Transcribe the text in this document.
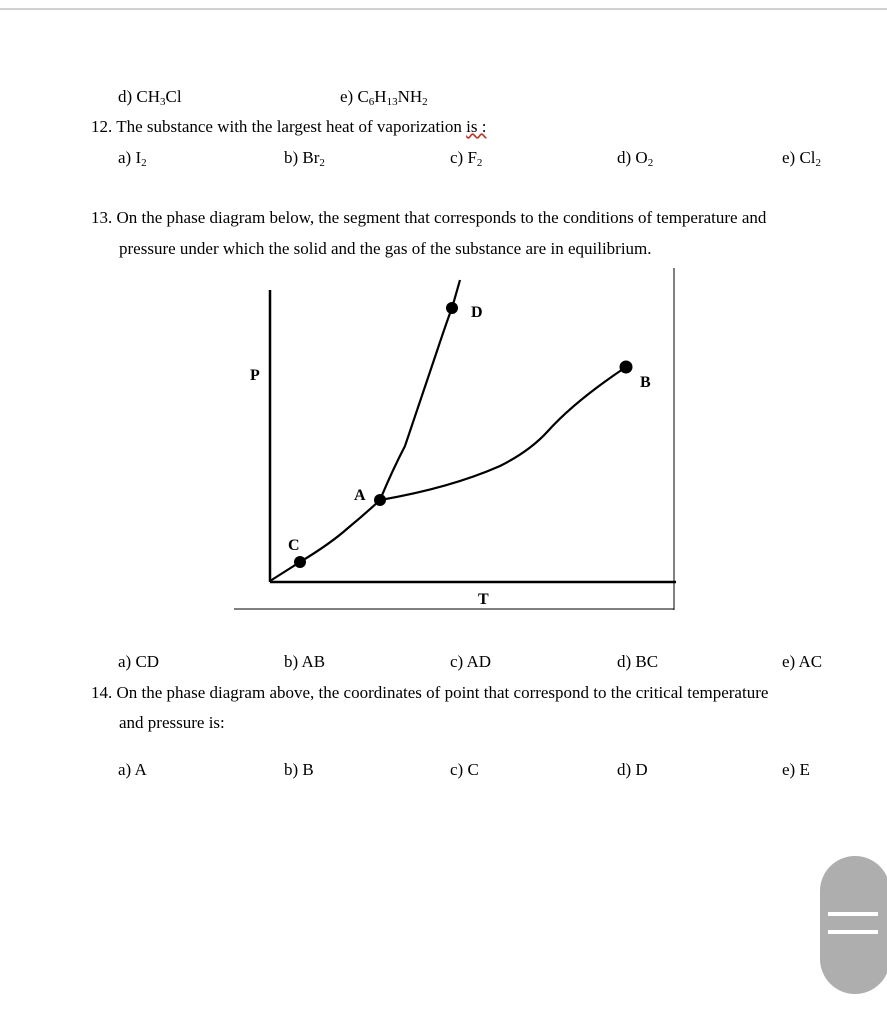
d) $CH_3Cl$	e) $C_6H_{13}NH_2$
12. The substance with the largest heat of vaporization is :
a) $I_2$	b) $Br_2$	c) $F_2$	d) $O_2$	e) $Cl_2$
13. On the phase diagram below, the segment that corresponds to the conditions of temperature and
pressure under which the solid and the gas of the substance are in equilibrium.
P
T
D
B
A
C
a) CD	b) AB	c) AD	d) BC	e) AC
14. On the phase diagram above, the coordinates of point that correspond to the critical temperature
and pressure is:
a) A	b) B	c) C	d) D	e) E
